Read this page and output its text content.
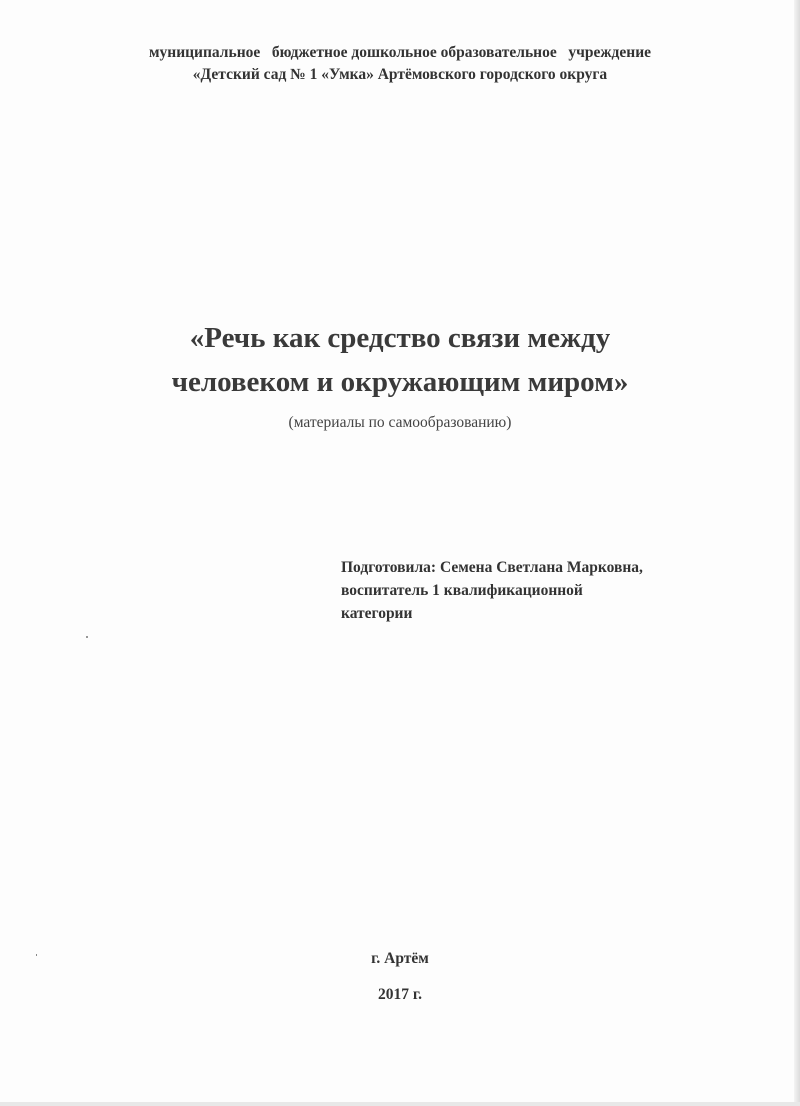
муниципальное   бюджетное дошкольное образовательное   учреждение
«Детский сад № 1 «Умка» Артёмовского городского округа
«Речь как средство связи между
человеком и окружающим миром»
(материалы по самообразованию)
Подготовила: Семена Светлана Марковна,
воспитатель 1 квалификационной
категории
г. Артём
2017 г.
